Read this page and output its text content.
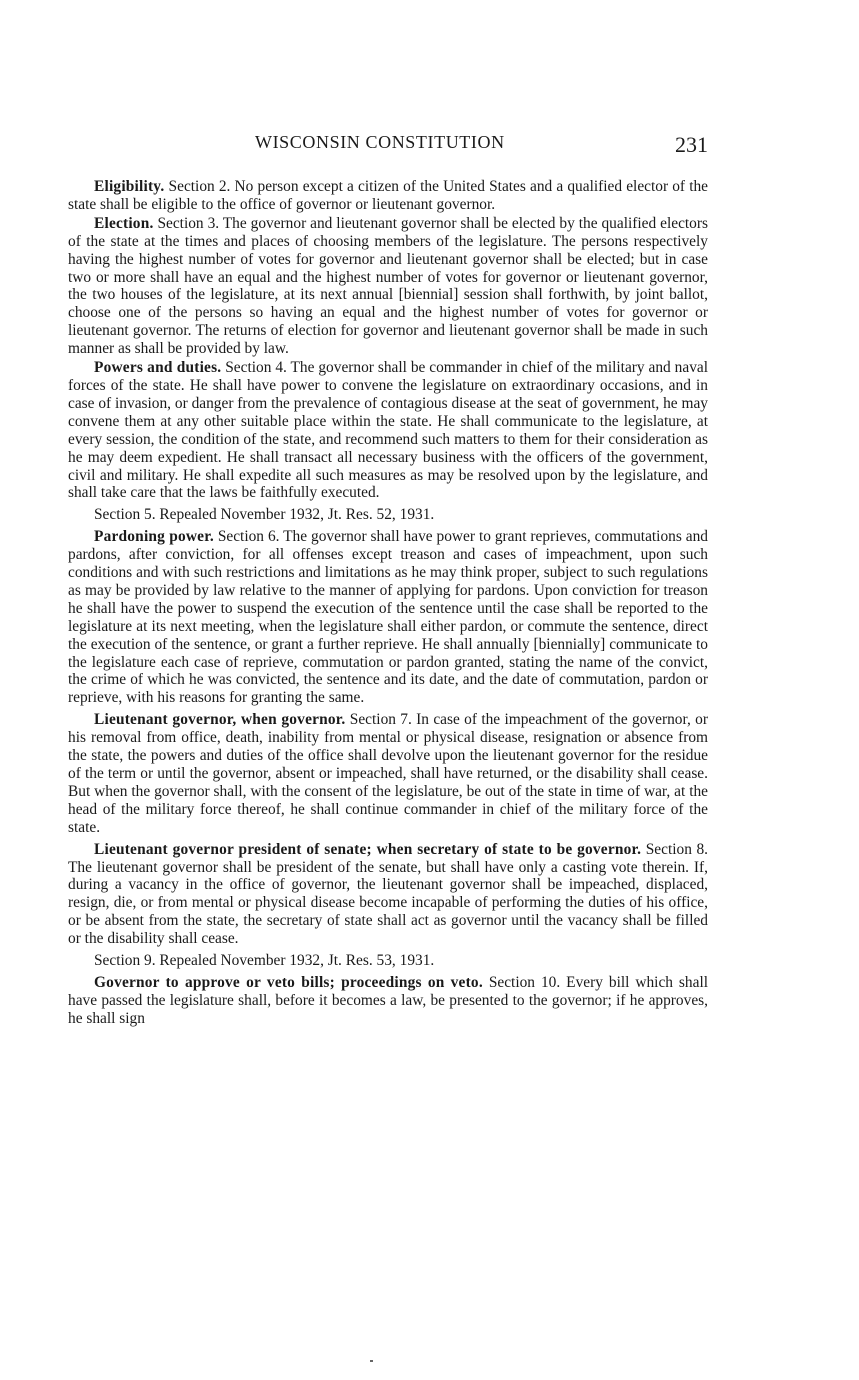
WISCONSIN CONSTITUTION	231

Eligibility. Section 2. No person except a citizen of the United States and a qualified elector of the state shall be eligible to the office of governor or lieutenant governor.

Election. Section 3. The governor and lieutenant governor shall be elected by the qualified electors of the state at the times and places of choosing members of the legislature. The persons respectively having the highest number of votes for governor and lieutenant governor shall be elected; but in case two or more shall have an equal and the highest number of votes for governor or lieutenant governor, the two houses of the legislature, at its next annual [biennial] session shall forthwith, by joint ballot, choose one of the persons so having an equal and the highest number of votes for governor or lieutenant governor. The returns of election for governor and lieutenant governor shall be made in such manner as shall be provided by law.

Powers and duties. Section 4. The governor shall be commander in chief of the military and naval forces of the state. He shall have power to convene the legislature on extraordinary occasions, and in case of invasion, or danger from the prevalence of contagious disease at the seat of government, he may convene them at any other suitable place within the state. He shall communicate to the legislature, at every session, the condition of the state, and recommend such matters to them for their consideration as he may deem expedient. He shall transact all necessary business with the officers of the government, civil and military. He shall expedite all such measures as may be resolved upon by the legislature, and shall take care that the laws be faithfully executed.

Section 5. Repealed November 1932, Jt. Res. 52, 1931.

Pardoning power. Section 6. The governor shall have power to grant reprieves, commutations and pardons, after conviction, for all offenses except treason and cases of impeachment, upon such conditions and with such restrictions and limitations as he may think proper, subject to such regulations as may be provided by law relative to the manner of applying for pardons. Upon conviction for treason he shall have the power to suspend the execution of the sentence until the case shall be reported to the legislature at its next meeting, when the legislature shall either pardon, or commute the sentence, direct the execution of the sentence, or grant a further reprieve. He shall annually [biennially] communicate to the legislature each case of reprieve, commutation or pardon granted, stating the name of the convict, the crime of which he was convicted, the sentence and its date, and the date of commutation, pardon or reprieve, with his reasons for granting the same.

Lieutenant governor, when governor. Section 7. In case of the impeachment of the governor, or his removal from office, death, inability from mental or physical disease, resignation or absence from the state, the powers and duties of the office shall devolve upon the lieutenant governor for the residue of the term or until the governor, absent or impeached, shall have returned, or the disability shall cease. But when the governor shall, with the consent of the legislature, be out of the state in time of war, at the head of the military force thereof, he shall continue commander in chief of the military force of the state.

Lieutenant governor president of senate; when secretary of state to be governor. Section 8. The lieutenant governor shall be president of the senate, but shall have only a casting vote therein. If, during a vacancy in the office of governor, the lieutenant governor shall be impeached, displaced, resign, die, or from mental or physical disease become incapable of performing the duties of his office, or be absent from the state, the secretary of state shall act as governor until the vacancy shall be filled or the disability shall cease.

Section 9. Repealed November 1932, Jt. Res. 53, 1931.

Governor to approve or veto bills; proceedings on veto. Section 10. Every bill which shall have passed the legislature shall, before it becomes a law, be presented to the governor; if he approves, he shall sign
